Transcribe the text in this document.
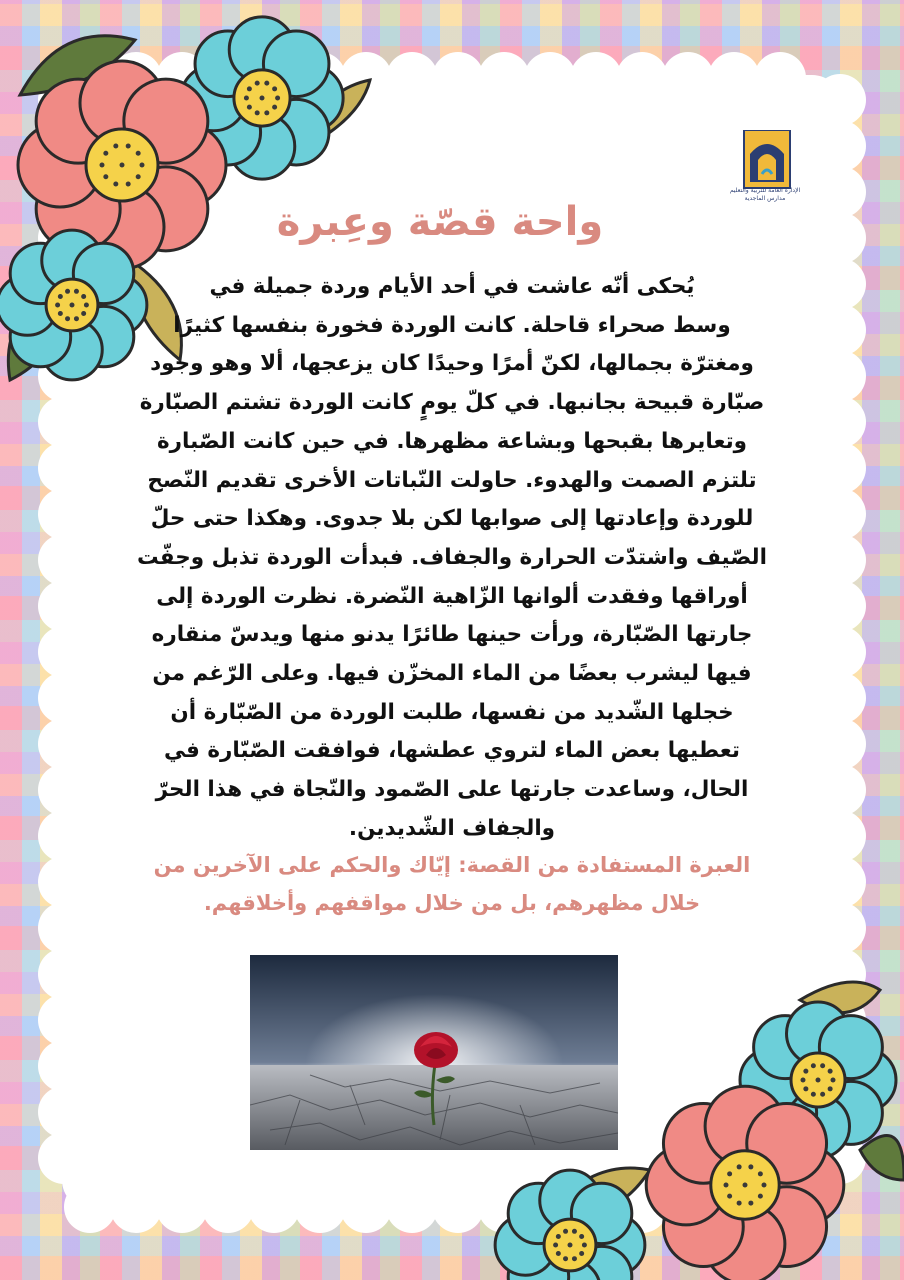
الإدارة العامة للتربية والتعليم مدارس الماجدية
واحة قصّة وعِبرة
يُحكى أنّه عاشت في أحد الأيام وردة جميلة في
وسط صحراء قاحلة. كانت الوردة فخورة بنفسها كثيرًا
ومغترّة بجمالها، لكنّ أمرًا وحيدًا كان يزعجها، ألا وهو وجود
صبّارة قبيحة بجانبها. في كلّ يومٍ كانت الوردة تشتم الصبّارة
وتعايرها بقبحها وبشاعة مظهرها. في حين كانت الصّبارة
تلتزم الصمت والهدوء. حاولت النّباتات الأخرى تقديم النّصح
للوردة وإعادتها إلى صوابها لكن بلا جدوى. وهكذا حتى حلّ
الصّيف واشتدّت الحرارة والجفاف. فبدأت الوردة تذبل وجفّت
أوراقها وفقدت ألوانها الزّاهية النّضرة. نظرت الوردة إلى
جارتها الصّبّارة، ورأت حينها طائرًا يدنو منها ويدسّ منقاره
فيها ليشرب بعضًا من الماء المخزّن فيها. وعلى الرّغم من
خجلها الشّديد من نفسها، طلبت الوردة من الصّبّارة أن
تعطيها بعض الماء لتروي عطشها، فوافقت الصّبّارة في
الحال، وساعدت جارتها على الصّمود والنّجاة في هذا الحرّ
والجفاف الشّديدين.
العبرة المستفادة من القصة: إيّاك والحكم على الآخرين من
خلال مظهرهم، بل من خلال مواقفهم وأخلاقهم.
